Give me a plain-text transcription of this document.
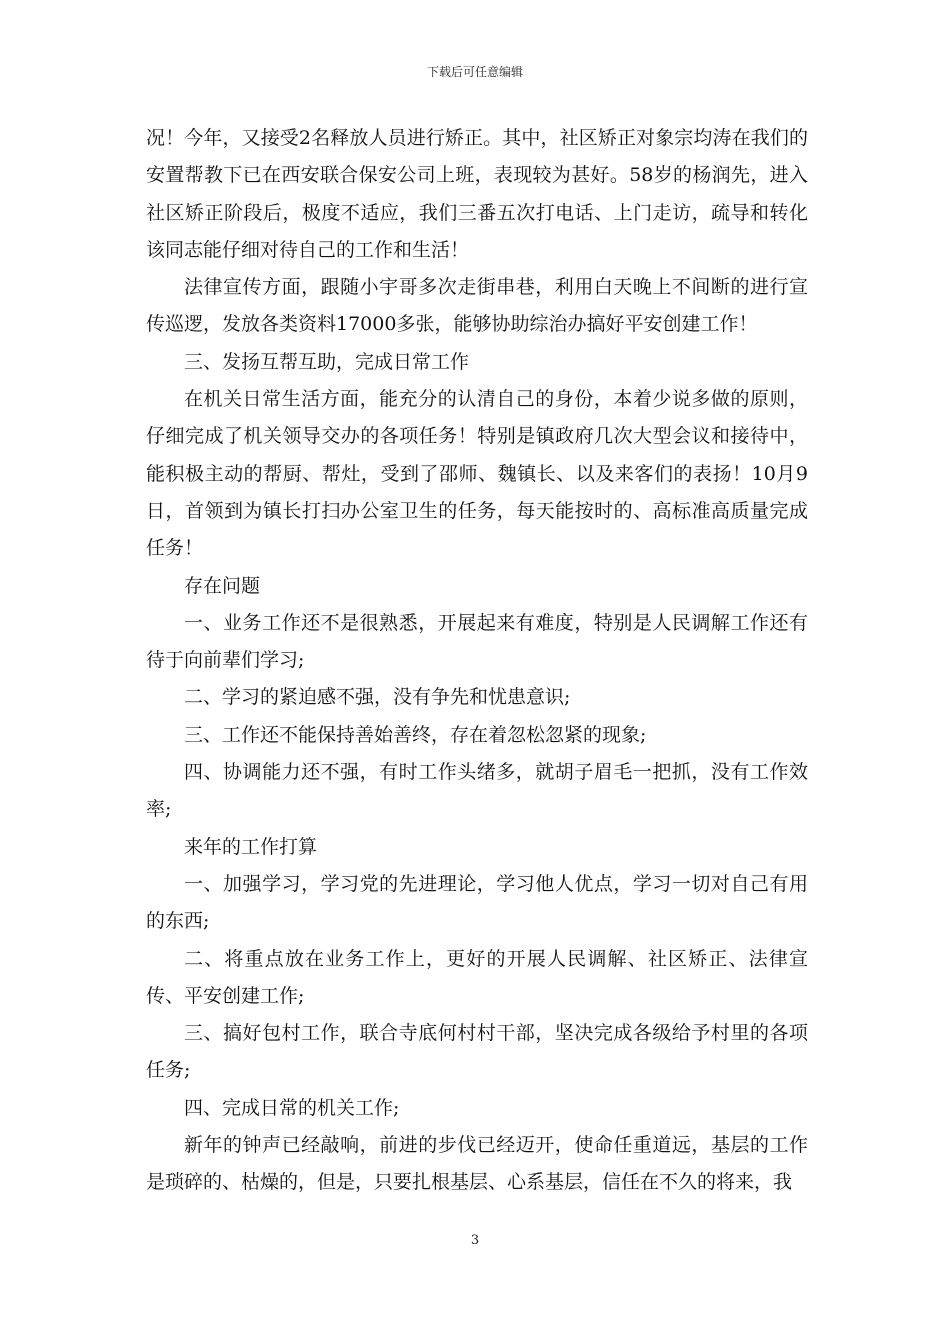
下载后可任意编辑

况！今年，又接受2名释放人员进行矫正。其中，社区矫正对象宗均涛在我们的安置帮教下已在西安联合保安公司上班，表现较为甚好。58岁的杨润先，进入社区矫正阶段后，极度不适应，我们三番五次打电话、上门走访，疏导和转化该同志能仔细对待自己的工作和生活！

法律宣传方面，跟随小宇哥多次走街串巷，利用白天晚上不间断的进行宣传巡逻，发放各类资料17000多张，能够协助综治办搞好平安创建工作！

三、发扬互帮互助，完成日常工作

在机关日常生活方面，能充分的认清自己的身份，本着少说多做的原则，仔细完成了机关领导交办的各项任务！特别是镇政府几次大型会议和接待中，能积极主动的帮厨、帮灶，受到了邵师、魏镇长、以及来客们的表扬！10月9日，首领到为镇长打扫办公室卫生的任务，每天能按时的、高标准高质量完成任务！

存在问题

一、业务工作还不是很熟悉，开展起来有难度，特别是人民调解工作还有待于向前辈们学习;

二、学习的紧迫感不强，没有争先和忧患意识;

三、工作还不能保持善始善终，存在着忽松忽紧的现象;

四、协调能力还不强，有时工作头绪多，就胡子眉毛一把抓，没有工作效率;

来年的工作打算

一、加强学习，学习党的先进理论，学习他人优点，学习一切对自己有用的东西;

二、将重点放在业务工作上，更好的开展人民调解、社区矫正、法律宣传、平安创建工作;

三、搞好包村工作，联合寺底何村村干部，坚决完成各级给予村里的各项任务;

四、完成日常的机关工作;

新年的钟声已经敲响，前进的步伐已经迈开，使命任重道远，基层的工作是琐碎的、枯燥的，但是，只要扎根基层、心系基层，信任在不久的将来，我

3
